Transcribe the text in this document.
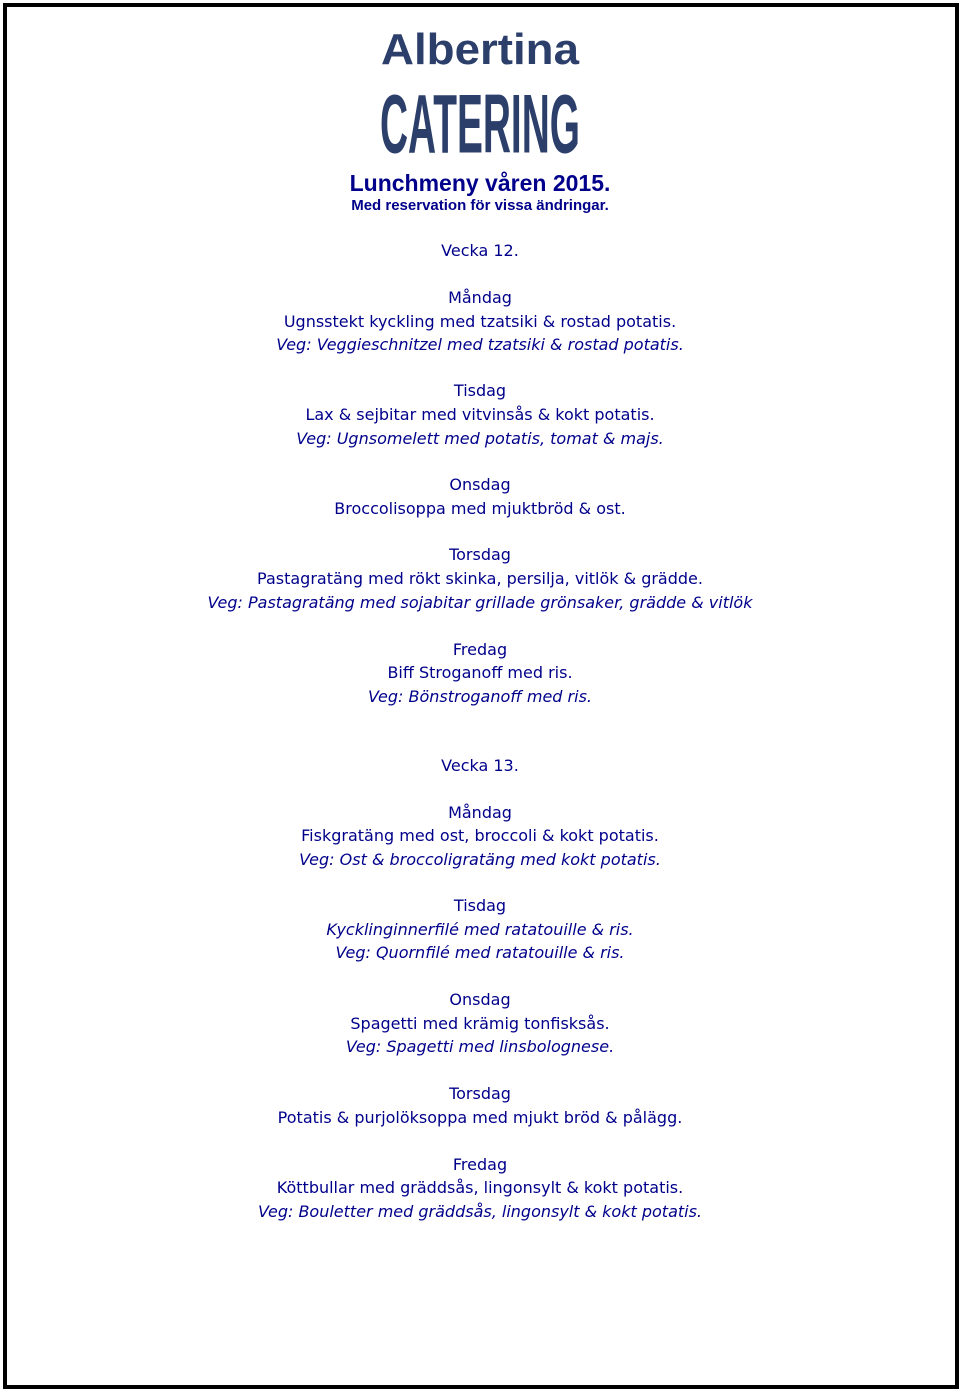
Albertina
CATERING
Lunchmeny våren 2015.
Med reservation för vissa ändringar.
Vecka 12.
Måndag
Ugnsstekt kyckling med tzatsiki & rostad potatis.
Veg: Veggieschnitzel med tzatsiki & rostad potatis.
Tisdag
Lax & sejbitar med vitvinsås & kokt potatis.
Veg: Ugnsomelett med potatis, tomat & majs.
Onsdag
Broccolisoppa med mjuktbröd & ost.
Torsdag
Pastagratäng med rökt skinka, persilja, vitlök & grädde.
Veg: Pastagratäng med sojabitar grillade grönsaker, grädde & vitlök
Fredag
Biff Stroganoff med ris.
Veg: Bönstroganoff med ris.
Vecka 13.
Måndag
Fiskgratäng med ost, broccoli & kokt potatis.
Veg: Ost & broccoligratäng med kokt potatis.
Tisdag
Kycklinginnerfilé med ratatouille & ris.
Veg: Quornfilé med ratatouille & ris.
Onsdag
Spagetti med krämig tonfisksås.
Veg: Spagetti med linsbolognese.
Torsdag
Potatis & purjolöksoppa med mjukt bröd & pålägg.
Fredag
Köttbullar med gräddsås, lingonsylt & kokt potatis.
Veg: Bouletter med gräddsås, lingonsylt & kokt potatis.
